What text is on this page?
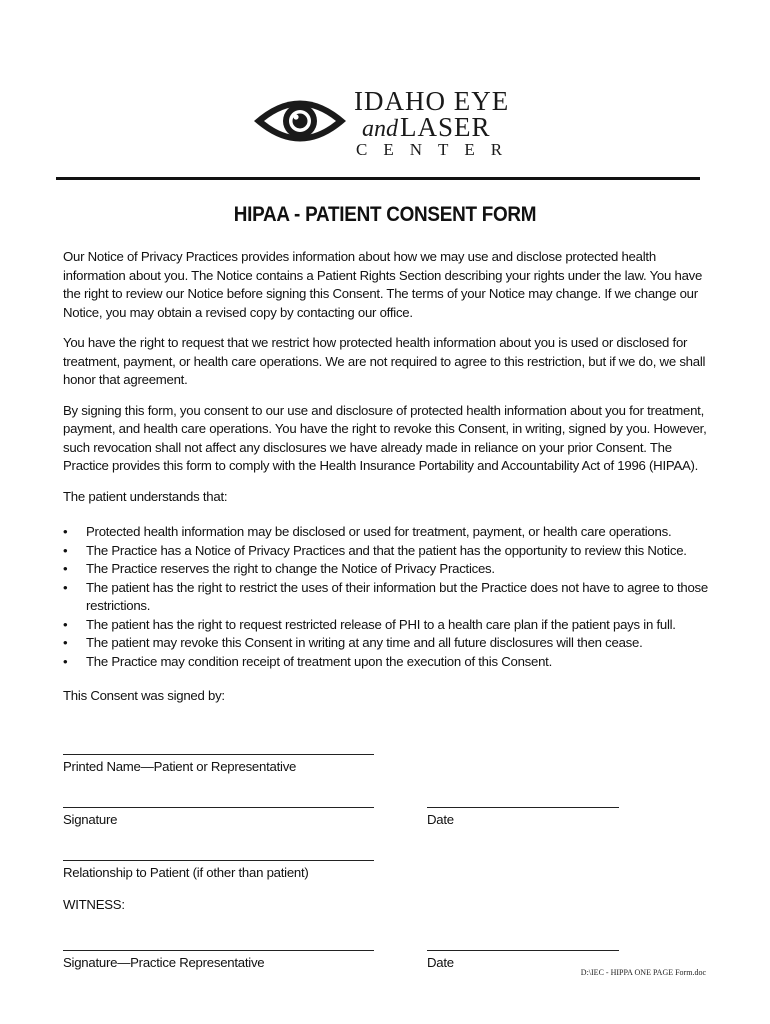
IDAHO EYE
andLASER
CENTER
HIPAA - PATIENT CONSENT FORM

Our Notice of Privacy Practices provides information about how we may use and disclose protected health information about you. The Notice contains a Patient Rights Section describing your rights under the law. You have the right to review our Notice before signing this Consent. The terms of your Notice may change. If we change our Notice, you may obtain a revised copy by contacting our office.

You have the right to request that we restrict how protected health information about you is used or disclosed for treatment, payment, or health care operations. We are not required to agree to this restriction, but if we do, we shall honor that agreement.

By signing this form, you consent to our use and disclosure of protected health information about you for treatment, payment, and health care operations. You have the right to revoke this Consent, in writing, signed by you. However, such revocation shall not affect any disclosures we have already made in reliance on your prior Consent. The Practice provides this form to comply with the Health Insurance Portability and Accountability Act of 1996 (HIPAA).

The patient understands that:

• Protected health information may be disclosed or used for treatment, payment, or health care operations.
• The Practice has a Notice of Privacy Practices and that the patient has the opportunity to review this Notice.
• The Practice reserves the right to change the Notice of Privacy Practices.
• The patient has the right to restrict the uses of their information but the Practice does not have to agree to those restrictions.
• The patient has the right to request restricted release of PHI to a health care plan if the patient pays in full.
• The patient may revoke this Consent in writing at any time and all future disclosures will then cease.
• The Practice may condition receipt of treatment upon the execution of this Consent.

This Consent was signed by:

Printed Name—Patient or Representative
Signature	Date
Relationship to Patient (if other than patient)
WITNESS:
Signature—Practice Representative	Date
D:\IEC - HIPPA ONE PAGE Form.doc
